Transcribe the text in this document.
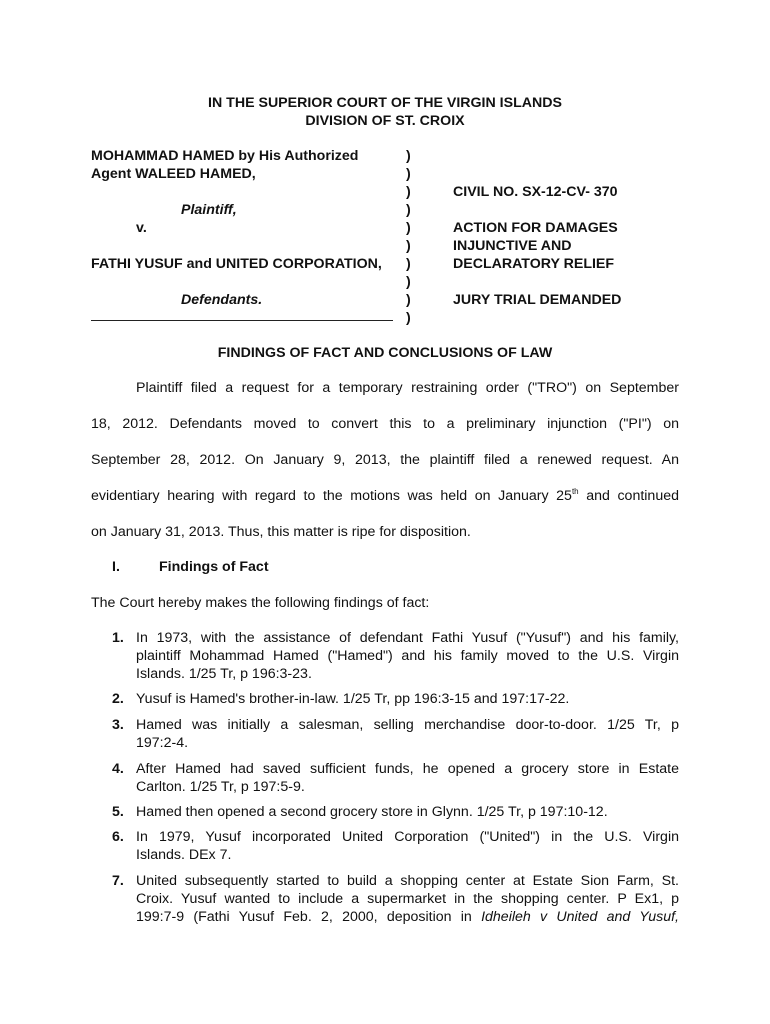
IN THE SUPERIOR COURT OF THE VIRGIN ISLANDS
DIVISION OF ST. CROIX
MOHAMMAD HAMED by His Authorized
Agent WALEED HAMED,
Plaintiff,
v.
FATHI YUSUF and UNITED CORPORATION,
Defendants.
)
)
)
)
)
)
)
)
)
)
CIVIL NO. SX-12-CV- 370
ACTION FOR DAMAGES
INJUNCTIVE AND
DECLARATORY RELIEF
JURY TRIAL DEMANDED
FINDINGS OF FACT AND CONCLUSIONS OF LAW
Plaintiff filed a request for a temporary restraining order ("TRO") on September
18, 2012. Defendants moved to convert this to a preliminary injunction ("PI") on
September 28, 2012. On January 9, 2013, the plaintiff filed a renewed request. An
evidentiary hearing with regard to the motions was held on January 25th and continued
on January 31, 2013. Thus, this matter is ripe for disposition.
I.	Findings of Fact
The Court hereby makes the following findings of fact:
1. In 1973, with the assistance of defendant Fathi Yusuf ("Yusuf") and his family,
plaintiff Mohammad Hamed ("Hamed") and his family moved to the U.S. Virgin
Islands. 1/25 Tr, p 196:3-23.
2. Yusuf is Hamed's brother-in-law. 1/25 Tr, pp 196:3-15 and 197:17-22.
3. Hamed was initially a salesman, selling merchandise door-to-door. 1/25 Tr, p
197:2-4.
4. After Hamed had saved sufficient funds, he opened a grocery store in Estate
Carlton. 1/25 Tr, p 197:5-9.
5. Hamed then opened a second grocery store in Glynn. 1/25 Tr, p 197:10-12.
6. In 1979, Yusuf incorporated United Corporation ("United") in the U.S. Virgin
Islands. DEx 7.
7. United subsequently started to build a shopping center at Estate Sion Farm, St.
Croix. Yusuf wanted to include a supermarket in the shopping center. P Ex1, p
199:7-9 (Fathi Yusuf Feb. 2, 2000, deposition in Idheileh v United and Yusuf,
